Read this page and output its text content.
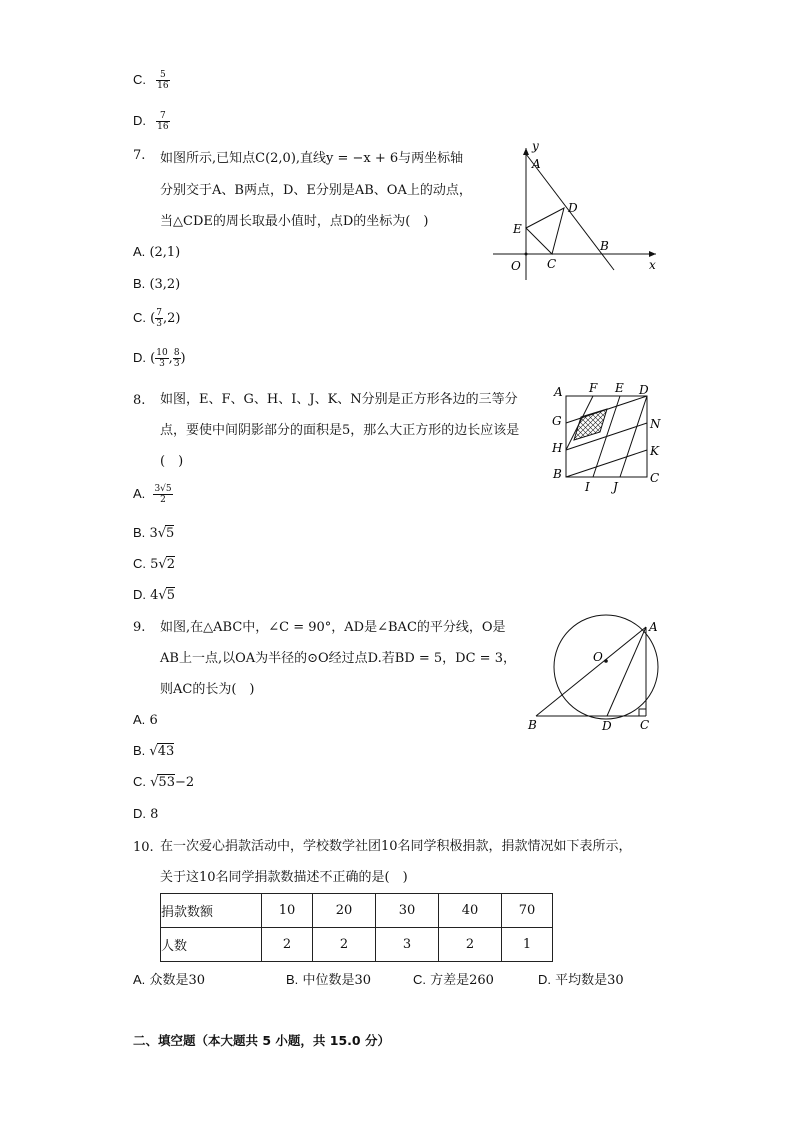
C. $\frac{5}{16}$
D. $\frac{7}{16}$
7. 如图所示,已知点C(2,0),直线y = −x + 6与两坐标轴
分别交于A、B两点，D、E分别是AB、OA上的动点，
当△CDE的周长取最小值时，点D的坐标为(　)
A. (2,1)
B. (3,2)
C. ( $\frac{7}{3} ,2$)
D. ( $\frac{10}{3}$ , $\frac{8}{3}$ )
y
A
D
E
B
O C	x
8. 如图，E、F、G、H、I、J、K、N分别是正方形各边的三等分
点，要使中间阴影部分的面积是5，那么大正方形的边长应该是
(　)
A. $\frac{3√5}{2}$
B. 3√5
C. 5√2
D. 4√5
A F E D
G	N
H	K
B	C
I J
9. 如图,在△ABC中，∠C = 90°，AD是∠BAC的平分线，O是
AB上一点,以OA为半径的⊙O经过点D.若BD = 5，DC = 3，
则AC的长为(　)
A. 6
B. √43
C. √53−2
D. 8
A
O
B	D C
10. 在一次爱心捐款活动中，学校数学社团10名同学积极捐款，捐款情况如下表所示，
关于这10名同学捐款数描述不正确的是(　)
捐款数额	10	20	30	40	70
人数	2	2	3	2	1
A. 众数是30	B. 中位数是30	C. 方差是260	D. 平均数是30
二、填空题（本大题共 5 小题，共 15.0 分）
